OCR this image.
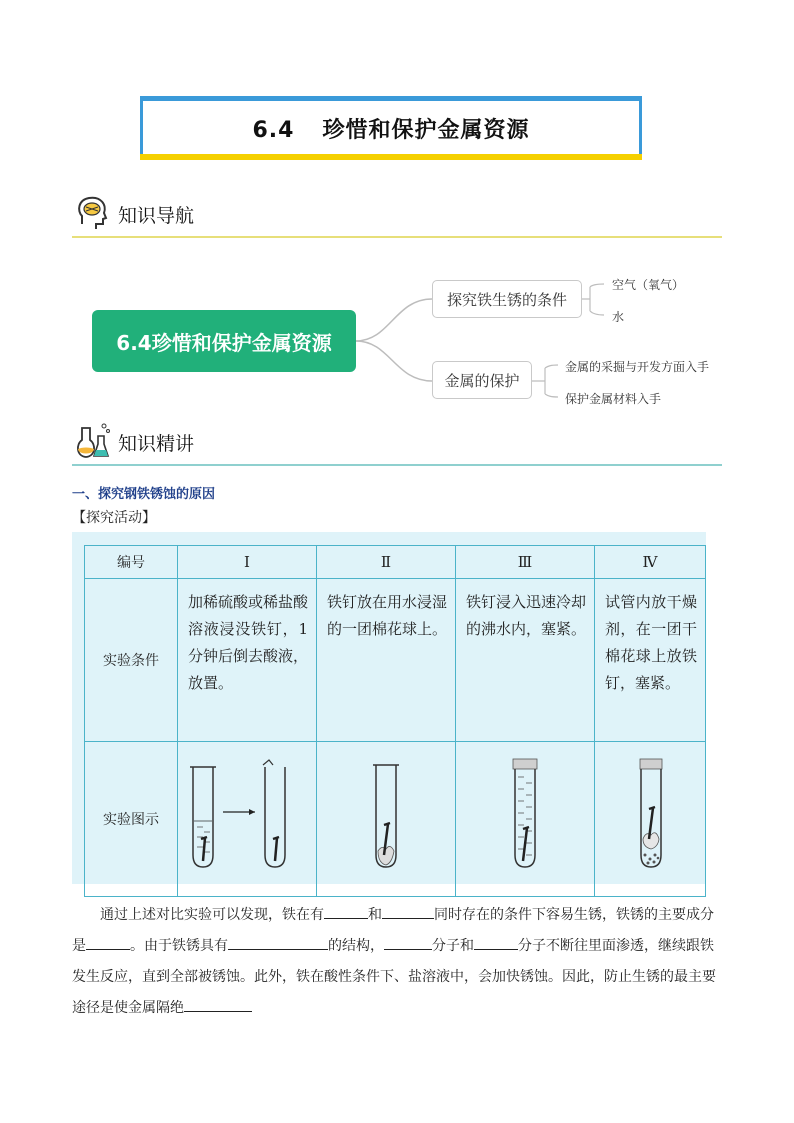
6.4 珍惜和保护金属资源
知识导航
6.4珍惜和保护金属资源
探究铁生锈的条件
空气（氧气）
水
金属的保护
金属的采掘与开发方面入手
保护金属材料入手
知识精讲
一、探究钢铁锈蚀的原因
【探究活动】
编号	Ⅰ	Ⅱ	Ⅲ	Ⅳ
实验条件	加稀硫酸或稀盐酸溶液浸没铁钉，1分钟后倒去酸液，放置。	铁钉放在用水浸湿的一团棉花球上。	铁钉浸入迅速冷却的沸水内，塞紧。	试管内放干燥剂，在一团干棉花球上放铁钉，塞紧。
实验图示				
通过上述对比实验可以发现，铁在有	和	同时存在的条件下容易生锈，铁锈的主要成分是	。由于铁锈具有	的结构，	分子和	分子不断往里面渗透，继续跟铁发生反应，直到全部被锈蚀。此外，铁在酸性条件下、盐溶液中，会加快锈蚀。因此，防止生锈的最主要途径是使金属隔绝
